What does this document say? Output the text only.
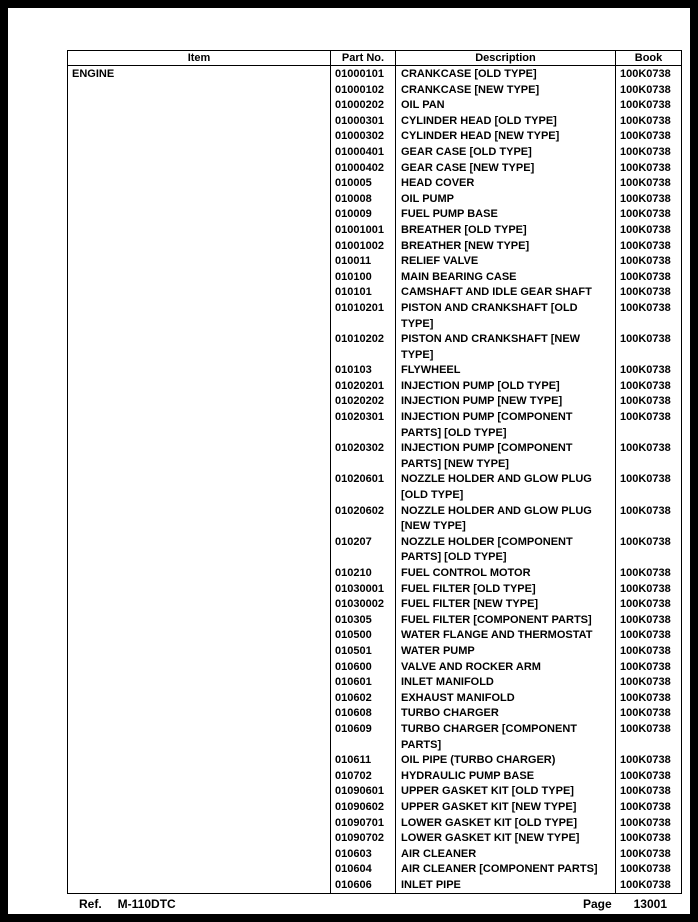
Item	Part No.	Description	Book
ENGINE	01000101	CRANKCASE [OLD TYPE]	100K0738
	01000102	CRANKCASE [NEW TYPE]	100K0738
	01000202	OIL PAN	100K0738
	01000301	CYLINDER HEAD [OLD TYPE]	100K0738
	01000302	CYLINDER HEAD [NEW TYPE]	100K0738
	01000401	GEAR CASE [OLD TYPE]	100K0738
	01000402	GEAR CASE [NEW TYPE]	100K0738
	010005	HEAD COVER	100K0738
	010008	OIL PUMP	100K0738
	010009	FUEL PUMP BASE	100K0738
	01001001	BREATHER [OLD TYPE]	100K0738
	01001002	BREATHER [NEW TYPE]	100K0738
	010011	RELIEF VALVE	100K0738
	010100	MAIN BEARING CASE	100K0738
	010101	CAMSHAFT AND IDLE GEAR SHAFT	100K0738
	01010201	PISTON AND CRANKSHAFT [OLD TYPE]	100K0738
	01010202	PISTON AND CRANKSHAFT [NEW TYPE]	100K0738
	010103	FLYWHEEL	100K0738
	01020201	INJECTION PUMP [OLD TYPE]	100K0738
	01020202	INJECTION PUMP [NEW TYPE]	100K0738
	01020301	INJECTION PUMP [COMPONENT PARTS] [OLD TYPE]	100K0738
	01020302	INJECTION PUMP [COMPONENT PARTS] [NEW TYPE]	100K0738
	01020601	NOZZLE HOLDER AND GLOW PLUG [OLD TYPE]	100K0738
	01020602	NOZZLE HOLDER AND GLOW PLUG [NEW TYPE]	100K0738
	010207	NOZZLE HOLDER [COMPONENT PARTS] [OLD TYPE]	100K0738
	010210	FUEL CONTROL MOTOR	100K0738
	01030001	FUEL FILTER [OLD TYPE]	100K0738
	01030002	FUEL FILTER [NEW TYPE]	100K0738
	010305	FUEL FILTER [COMPONENT PARTS]	100K0738
	010500	WATER FLANGE AND THERMOSTAT	100K0738
	010501	WATER PUMP	100K0738
	010600	VALVE AND ROCKER ARM	100K0738
	010601	INLET MANIFOLD	100K0738
	010602	EXHAUST MANIFOLD	100K0738
	010608	TURBO CHARGER	100K0738
	010609	TURBO CHARGER [COMPONENT PARTS]	100K0738
	010611	OIL PIPE (TURBO CHARGER)	100K0738
	010702	HYDRAULIC PUMP BASE	100K0738
	01090601	UPPER GASKET KIT [OLD TYPE]	100K0738
	01090602	UPPER GASKET KIT [NEW TYPE]	100K0738
	01090701	LOWER GASKET KIT [OLD TYPE]	100K0738
	01090702	LOWER GASKET KIT [NEW TYPE]	100K0738
	010603	AIR CLEANER	100K0738
	010604	AIR CLEANER [COMPONENT PARTS]	100K0738
	010606	INLET PIPE	100K0738
Ref. M-110DTC	Page 13001
